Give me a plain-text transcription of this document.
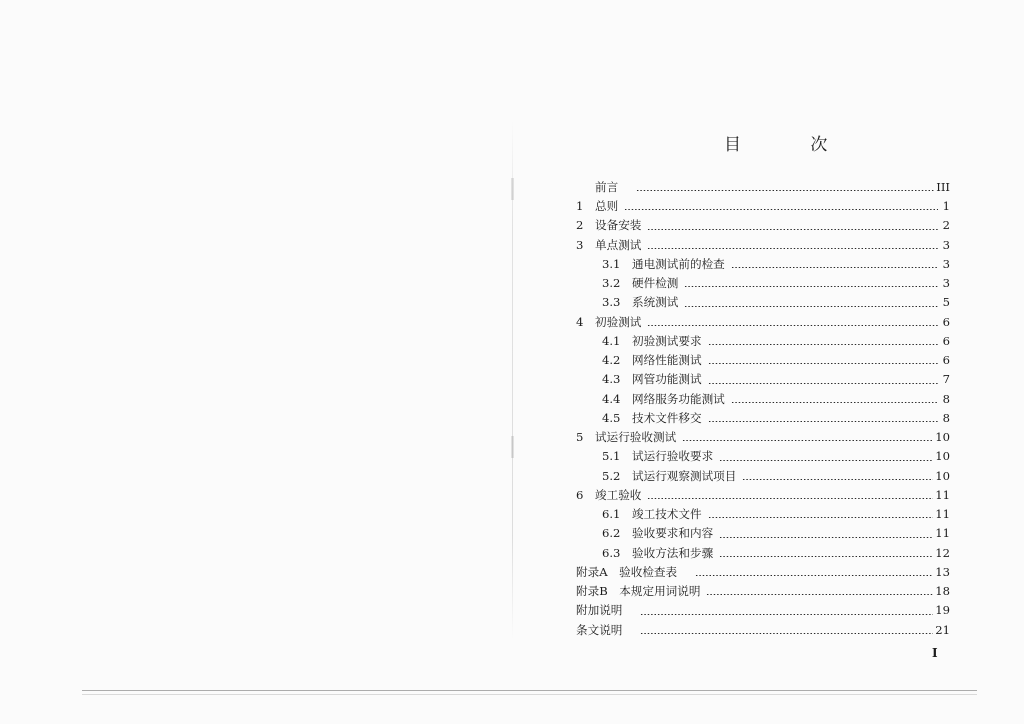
目 次
前言	III
1	总则	1
2	设备安装	2
3	单点测试	3
3.1 通电测试前的检查	3
3.2 硬件检测	3
3.3 系统测试	5
4	初验测试	6
4.1 初验测试要求	6
4.2 网络性能测试	6
4.3 网管功能测试	7
4.4 网络服务功能测试	8
4.5 技术文件移交	8
5	试运行验收测试	10
5.1 试运行验收要求	10
5.2 试运行观察测试项目	10
6	竣工验收	11
6.1 竣工技术文件	11
6.2 验收要求和内容	11
6.3 验收方法和步骤	12
附录A　验收检查表	13
附录B　本规定用词说明	18
附加说明	19
条文说明	21
I
